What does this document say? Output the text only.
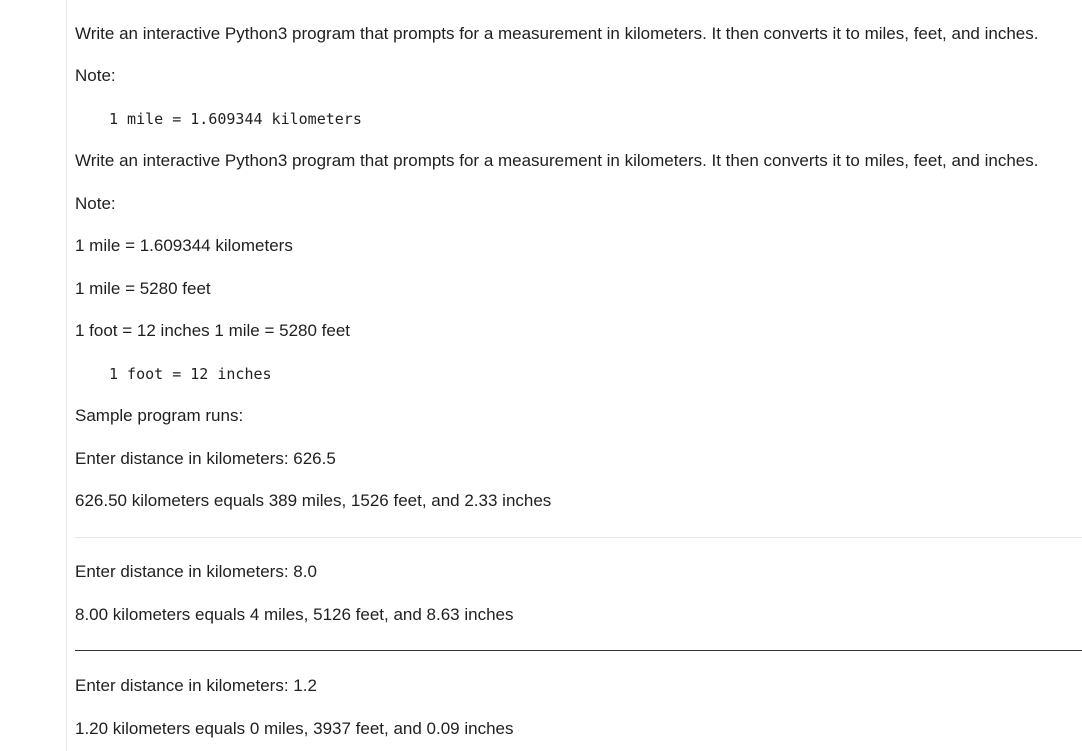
Write an interactive Python3 program that prompts for a measurement in kilometers. It then converts it to miles, feet, and inches.
Note:
1 mile = 1.609344 kilometers
Write an interactive Python3 program that prompts for a measurement in kilometers. It then converts it to miles, feet, and inches.
Note:
1 mile = 1.609344 kilometers
1 mile = 5280 feet
1 foot = 12 inches 1 mile = 5280 feet
1 foot = 12 inches
Sample program runs:
Enter distance in kilometers: 626.5
626.50 kilometers equals 389 miles, 1526 feet, and 2.33 inches
Enter distance in kilometers: 8.0
8.00 kilometers equals 4 miles, 5126 feet, and 8.63 inches
Enter distance in kilometers: 1.2
1.20 kilometers equals 0 miles, 3937 feet, and 0.09 inches
